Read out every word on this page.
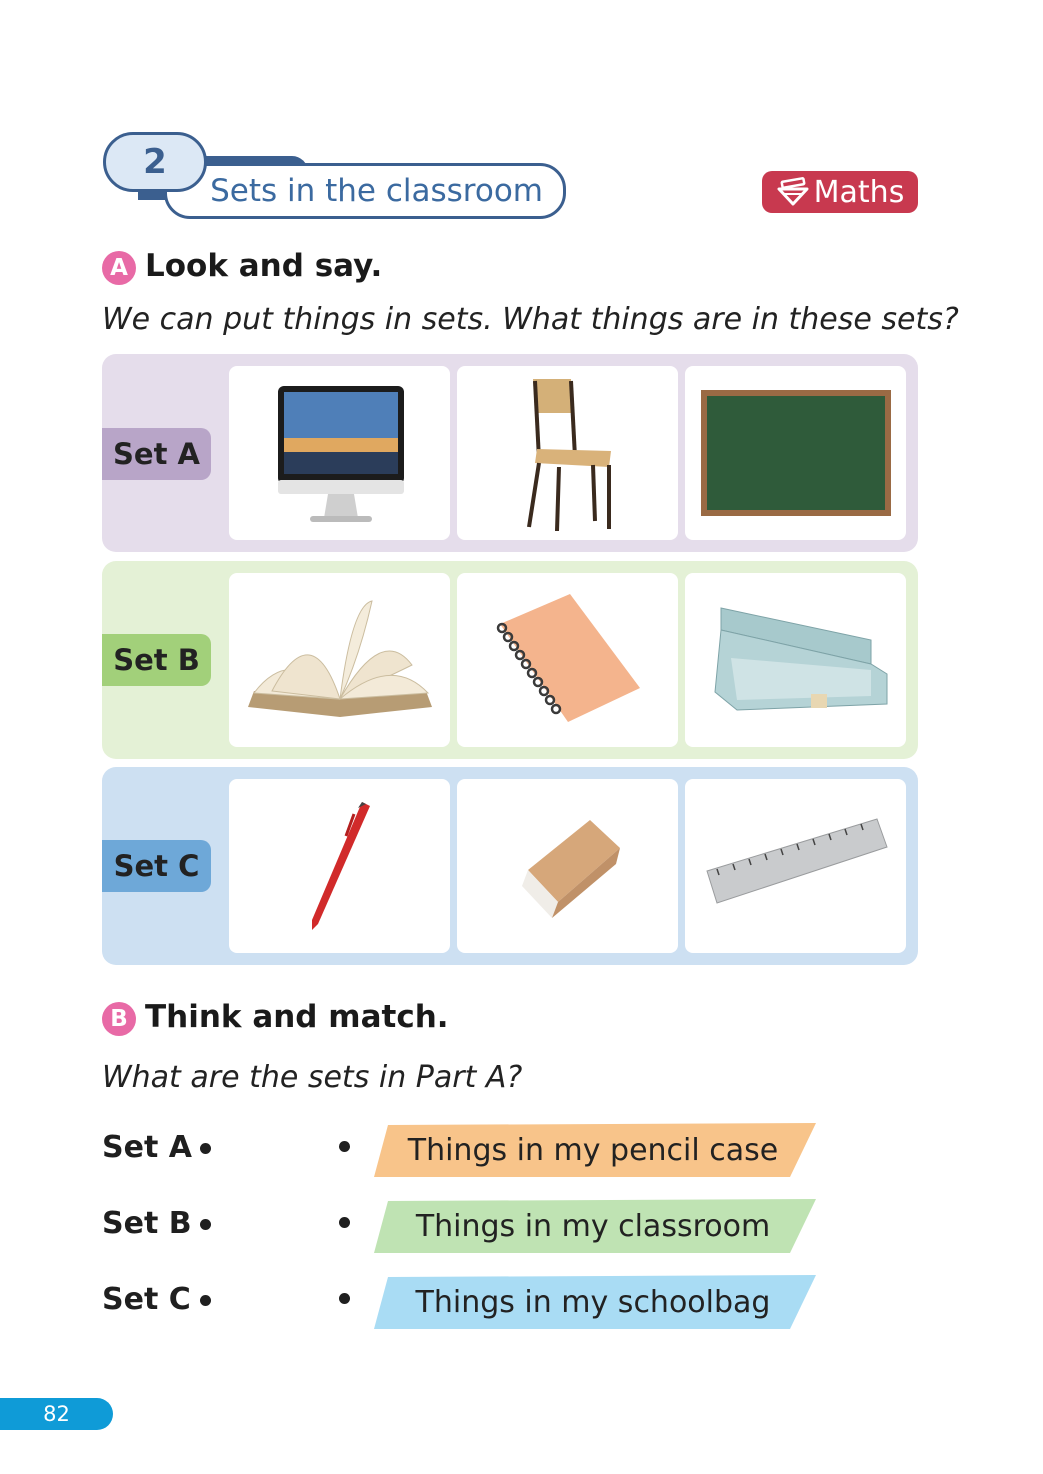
Sets in the classroom
2
Maths
A Look and say.
We can put things in sets. What things are in these sets?
Set A
Set B
Set C
B Think and match.
What are the sets in Part A?
Set A
Set B
Set C
Things in my pencil case
Things in my classroom
Things in my schoolbag
82
